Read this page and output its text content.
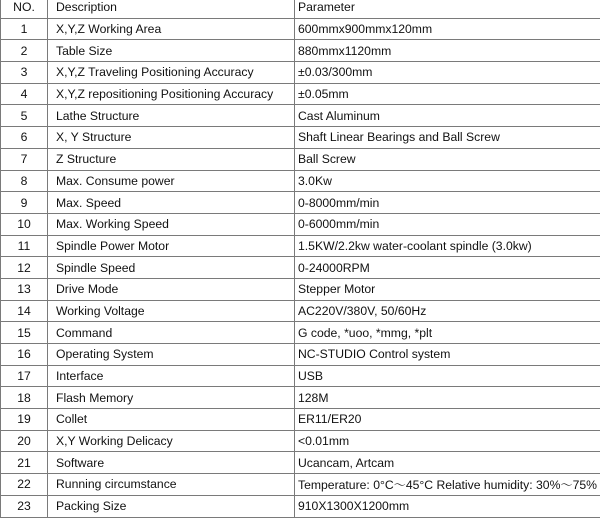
NO.	Description	Parameter
1	X,Y,Z Working Area	600mmx900mmx120mm
2	Table Size	880mmx1120mm
3	X,Y,Z Traveling Positioning Accuracy	±0.03/300mm
4	X,Y,Z repositioning Positioning Accuracy	±0.05mm
5	Lathe Structure	Cast Aluminum
6	X, Y Structure	Shaft Linear Bearings and Ball Screw
7	Z Structure	Ball Screw
8	Max. Consume power	3.0Kw
9	Max. Speed	0-8000mm/min
10	Max. Working Speed	0-6000mm/min
11	Spindle Power Motor	1.5KW/2.2kw water-coolant spindle (3.0kw)
12	Spindle Speed	0-24000RPM
13	Drive Mode	Stepper Motor
14	Working Voltage	AC220V/380V, 50/60Hz
15	Command	G code, *uoo, *mmg, *plt
16	Operating System	NC-STUDIO Control system
17	Interface	USB
18	Flash Memory	128M
19	Collet	ER11/ER20
20	X,Y Working Delicacy	<0.01mm
21	Software	Ucancam, Artcam
22	Running circumstance	Temperature: 0°C～45°C Relative humidity: 30%～75%
23	Packing Size	910X1300X1200mm
